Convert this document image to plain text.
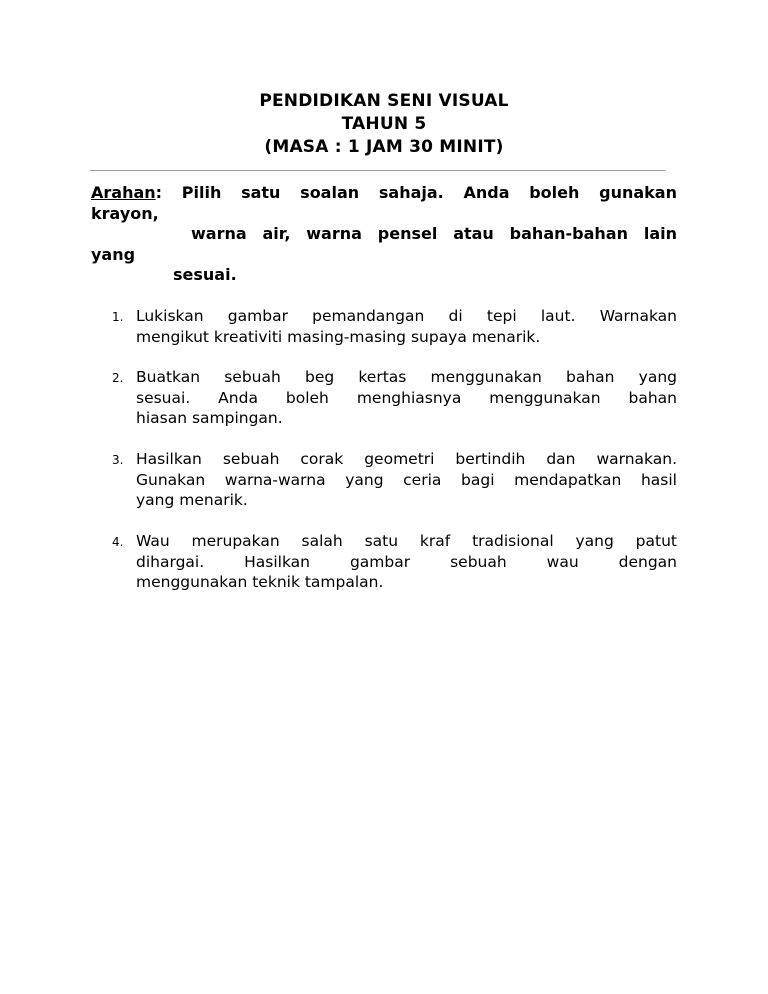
PENDIDIKAN SENI VISUAL
TAHUN 5
(MASA : 1 JAM 30 MINIT)
Arahan: Pilih satu soalan sahaja. Anda boleh gunakan
krayon,
warna air, warna pensel atau bahan-bahan lain
yang
sesuai.
1. Lukiskan gambar pemandangan di tepi laut. Warnakan
mengikut kreativiti masing-masing supaya menarik.
2. Buatkan sebuah beg kertas menggunakan bahan yang
sesuai. Anda boleh menghiasnya menggunakan bahan
hiasan sampingan.
3. Hasilkan sebuah corak geometri bertindih dan warnakan.
Gunakan warna-warna yang ceria bagi mendapatkan hasil
yang menarik.
4. Wau merupakan salah satu kraf tradisional yang patut
dihargai. Hasilkan gambar sebuah wau dengan
menggunakan teknik tampalan.
